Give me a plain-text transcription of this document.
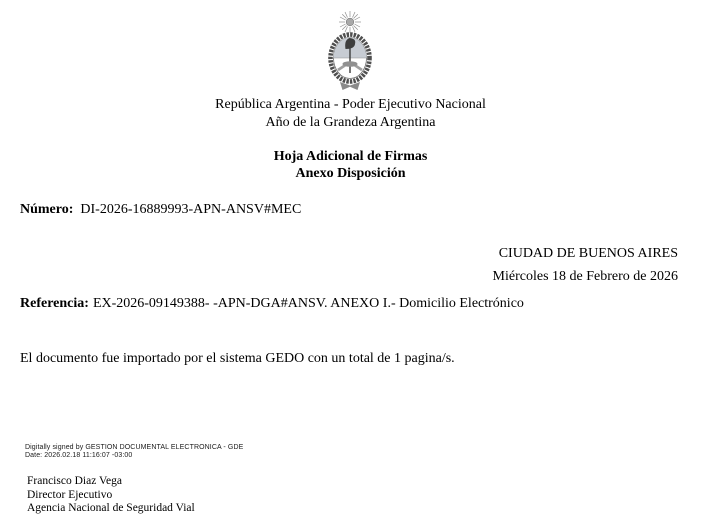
República Argentina - Poder Ejecutivo Nacional
Año de la Grandeza Argentina
Hoja Adicional de Firmas
Anexo Disposición
Número: DI-2026-16889993-APN-ANSV#MEC
CIUDAD DE BUENOS AIRES
Miércoles 18 de Febrero de 2026
Referencia: EX-2026-09149388- -APN-DGA#ANSV. ANEXO I.- Domicilio Electrónico
El documento fue importado por el sistema GEDO con un total de 1 pagina/s.
Digitally signed by GESTION DOCUMENTAL ELECTRONICA - GDE
Date: 2026.02.18 11:16:07 -03:00
Francisco Diaz Vega
Director Ejecutivo
Agencia Nacional de Seguridad Vial
